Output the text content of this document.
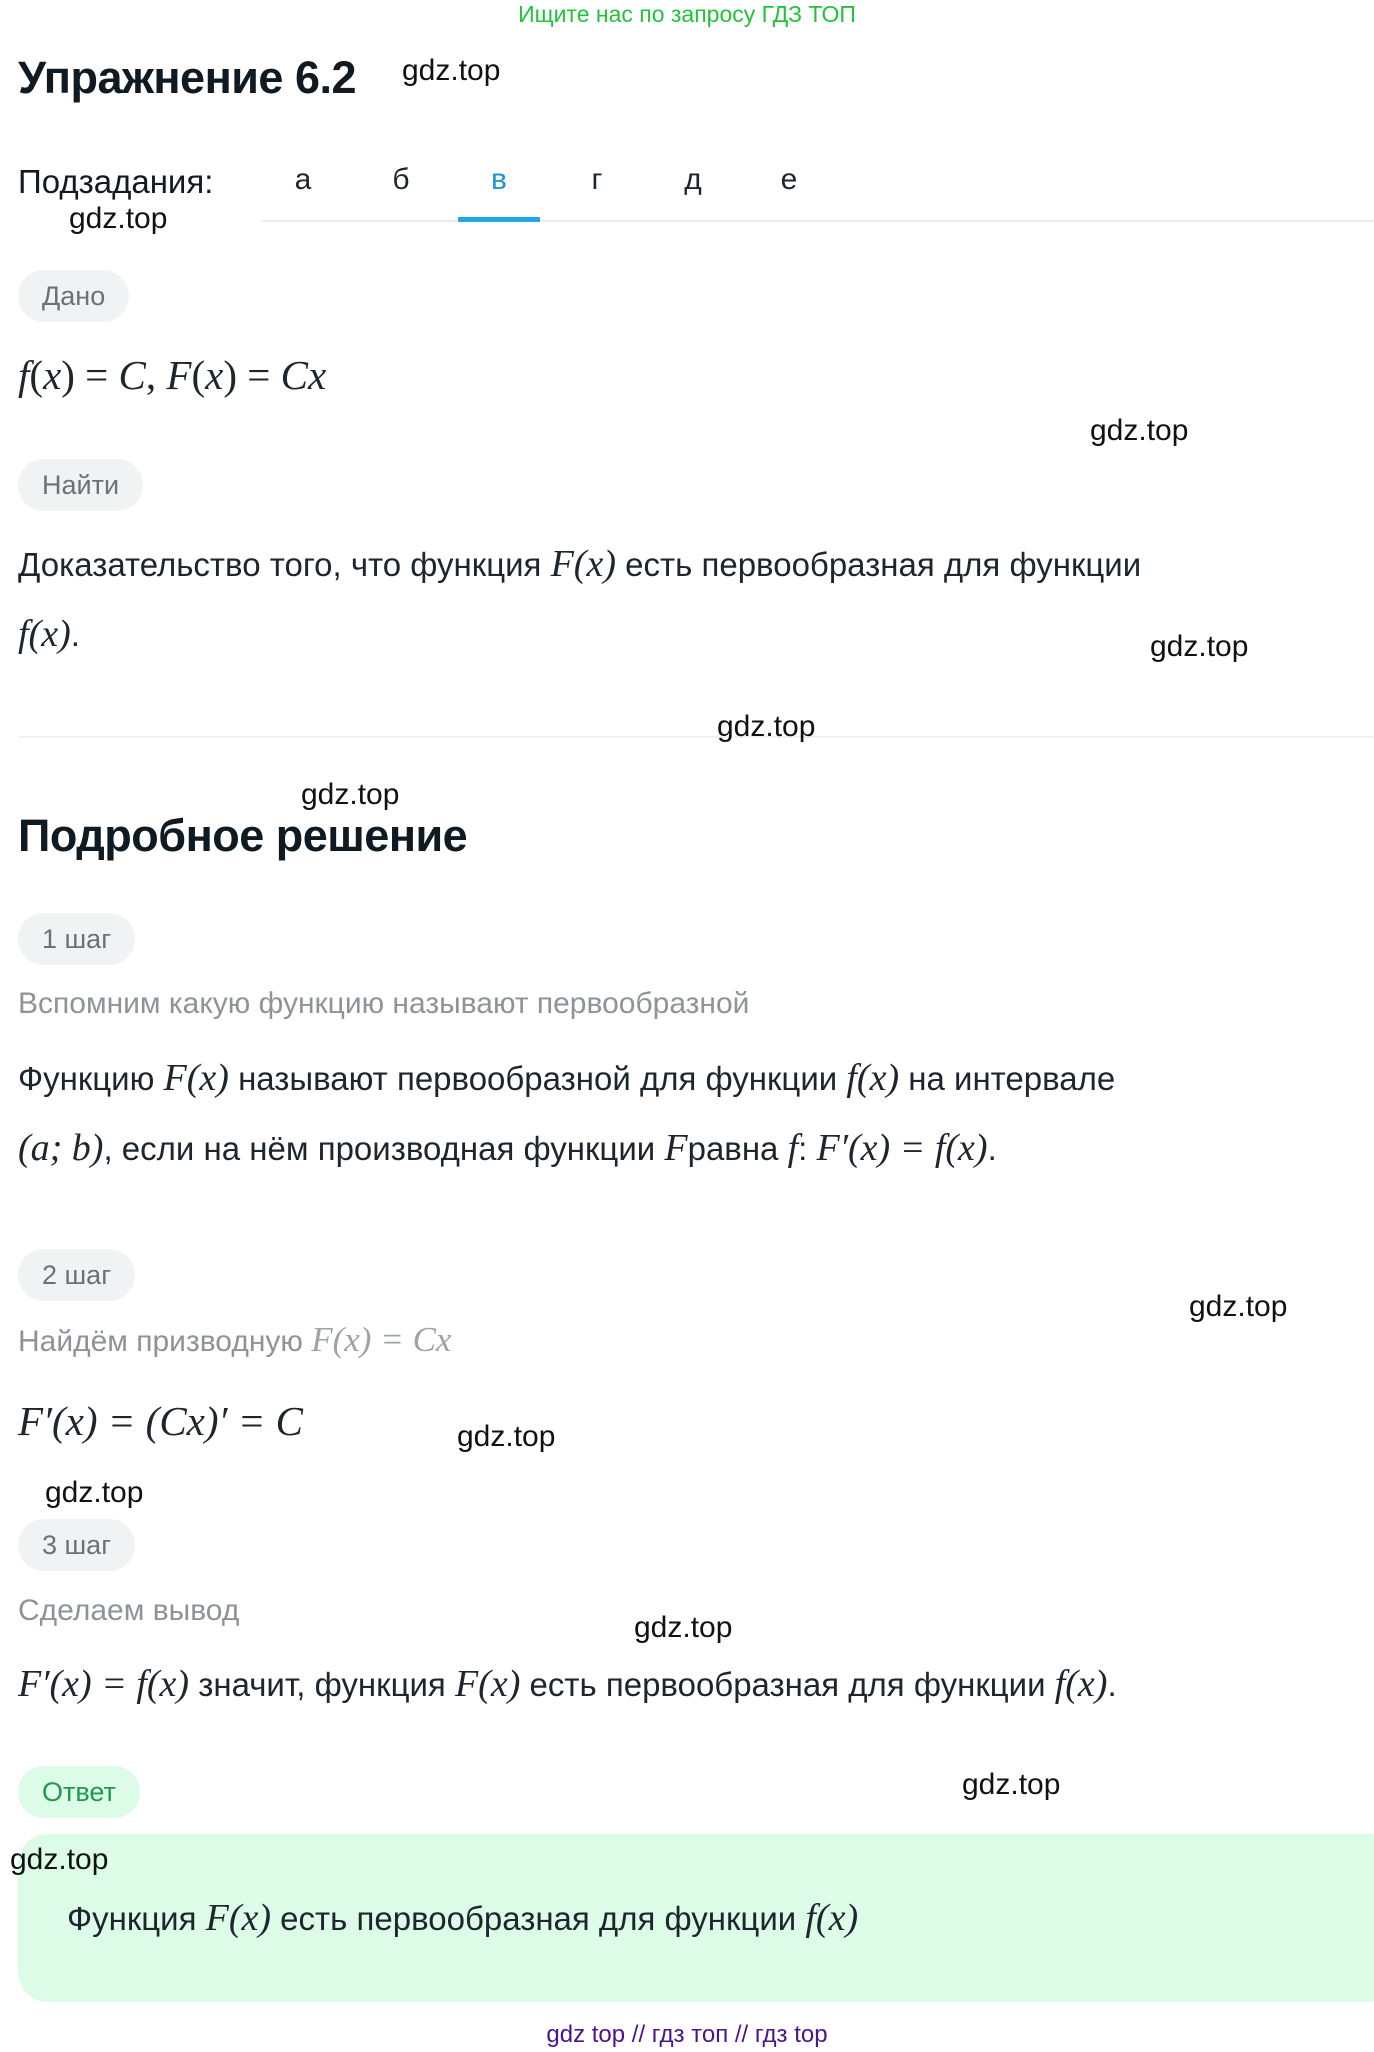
Ищите нас по запросу ГДЗ ТОП
Упражнение 6.2
Подзадания:	а	б	в	г	д	е
Дано
f(x) = C, F(x) = Cx
Найти
Доказательство того, что функция F(x) есть первообразная для функции
f(x).
Подробное решение
1 шаг
Вспомним какую функцию называют первообразной
Функцию F(x) называют первообразной для функции f(x) на интервале
(a; b), если на нём производная функции Fравна f: F′(x) = f(x).
2 шаг
Найдём призводную F(x) = Cx
F′(x) = (Cx)′ = C
3 шаг
Сделаем вывод
F′(x) = f(x) значит, функция F(x) есть первообразная для функции f(x).
Ответ
Функция F(x) есть первообразная для функции f(x)
gdz.top
gdz.top
gdz.top
gdz.top
gdz.top
gdz.top
gdz.top
gdz.top
gdz.top
gdz.top
gdz.top
gdz.top
gdz top // гдз топ // гдз top
